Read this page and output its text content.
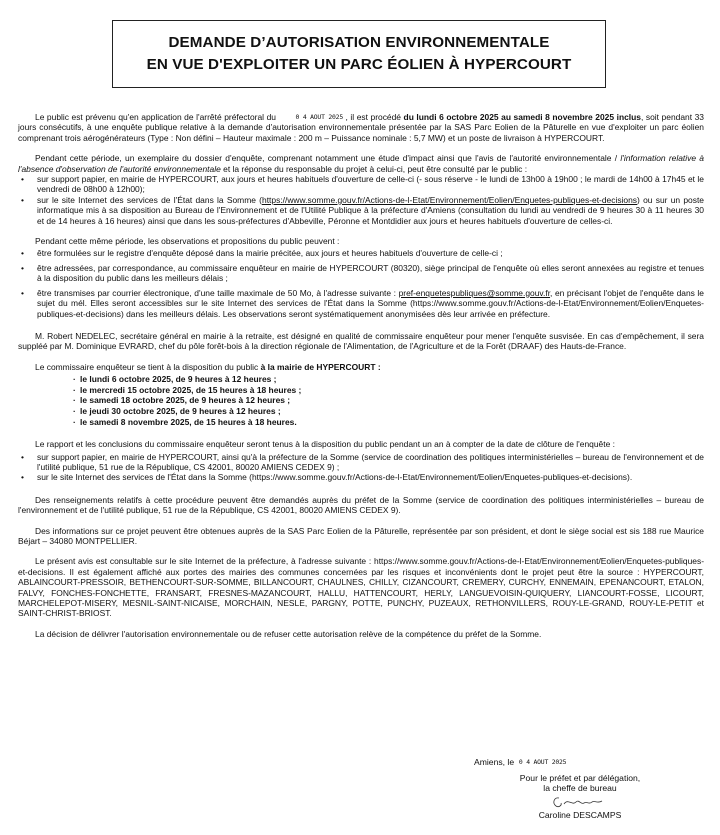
DEMANDE D’AUTORISATION ENVIRONNEMENTALE
EN VUE D'EXPLOITER UN PARC ÉOLIEN À HYPERCOURT

Le public est prévenu qu'en application de l'arrêté préfectoral du	0 4 AOUT 2025 , il est procédé du lundi 6 octobre 2025 au samedi 8 novembre 2025 inclus, soit pendant 33 jours consécutifs, à une enquête publique relative à la demande d'autorisation environnementale présentée par la SAS Parc Eolien de la Pâturelle en vue d'exploiter un parc éolien comprenant trois aérogénérateurs (Type : Non défini – Hauteur maximale : 200 m – Puissance nominale : 5,7 MW) et un poste de livraison à HYPERCOURT.

Pendant cette période, un exemplaire du dossier d'enquête, comprenant notamment une étude d'impact ainsi que l'avis de l'autorité environnementale / l'information relative à l'absence d'observation de l'autorité environnementale et la réponse du responsable du projet à celui-ci, peut être consulté par le public :

• sur support papier, en mairie de HYPERCOURT, aux jours et heures habituels d'ouverture de celle-ci (- sous réserve - le lundi de 13h00 à 19h00 ; le mardi de 14h00 à 17h45 et le vendredi de 08h00 à 12h00);
• sur le site Internet des services de l'État dans la Somme (https://www.somme.gouv.fr/Actions-de-l-Etat/Environnement/Eolien/Enquetes-publiques-et-decisions) ou sur un poste informatique mis à sa disposition au Bureau de l'Environnement et de l'Utilité Publique à la préfecture d'Amiens (consultation du lundi au vendredi de 9 heures 30 à 11 heures 30 et de 14 heures à 16 heures) ainsi que dans les sous-préfectures d'Abbeville, Péronne et Montdidier aux jours et heures habituels d'ouverture de celles-ci.

Pendant cette même période, les observations et propositions du public peuvent :

• être formulées sur le registre d'enquête déposé dans la mairie précitée, aux jours et heures habituels d'ouverture de celle-ci ;
• être adressées, par correspondance, au commissaire enquêteur en mairie de HYPERCOURT (80320), siège principal de l'enquête où elles seront annexées au registre et tenues à la disposition du public dans les meilleurs délais ;
• être transmises par courrier électronique, d'une taille maximale de 50 Mo, à l'adresse suivante : pref-enquetespubliques@somme.gouv.fr, en précisant l'objet de l'enquête dans le sujet du mél. Elles seront accessibles sur le site Internet des services de l'État dans la Somme (https://www.somme.gouv.fr/Actions-de-l-Etat/Environnement/Eolien/Enquetes-publiques-et-decisions) dans les meilleurs délais. Les observations seront systématiquement anonymisées dès leur arrivée en préfecture.

M. Robert NEDELEC, secrétaire général en mairie à la retraite, est désigné en qualité de commissaire enquêteur pour mener l'enquête susvisée. En cas d'empêchement, il sera suppléé par M. Dominique EVRARD, chef du pôle forêt-bois à la direction régionale de l'Alimentation, de l'Agriculture et de la Forêt (DRAAF) des Hauts-de-France.

Le commissaire enquêteur se tient à la disposition du public à la mairie de HYPERCOURT :

· le lundi 6 octobre 2025, de 9 heures à 12 heures ;
· le mercredi 15 octobre 2025, de 15 heures à 18 heures ;
· le samedi 18 octobre 2025, de 9 heures à 12 heures ;
· le jeudi 30 octobre 2025, de 9 heures à 12 heures ;
· le samedi 8 novembre 2025, de 15 heures à 18 heures.

Le rapport et les conclusions du commissaire enquêteur seront tenus à la disposition du public pendant un an à compter de la date de clôture de l'enquête :

• sur support papier, en mairie de HYPERCOURT, ainsi qu'à la préfecture de la Somme (service de coordination des politiques interministérielles – bureau de l'environnement et de l'utilité publique, 51 rue de la République, CS 42001, 80020 AMIENS CEDEX 9) ;
• sur le site Internet des services de l'État dans la Somme (https://www.somme.gouv.fr/Actions-de-l-Etat/Environnement/Eolien/Enquetes-publiques-et-decisions).

Des renseignements relatifs à cette procédure peuvent être demandés auprès du préfet de la Somme (service de coordination des politiques interministérielles – bureau de l'environnement et de l'utilité publique, 51 rue de la République, CS 42001, 80020 AMIENS CEDEX 9).

Des informations sur ce projet peuvent être obtenues auprès de la SAS Parc Eolien de la Pâturelle, représentée par son président, et dont le siège social est sis 188 rue Maurice Béjart – 34080 MONTPELLIER.

Le présent avis est consultable sur le site Internet de la préfecture, à l'adresse suivante : https://www.somme.gouv.fr/Actions-de-l-Etat/Environnement/Eolien/Enquetes-publiques-et-decisions. Il est également affiché aux portes des mairies des communes concernées par les risques et inconvénients dont le projet peut être la source : HYPERCOURT, ABLAINCOURT-PRESSOIR, BETHENCOURT-SUR-SOMME, BILLANCOURT, CHAULNES, CHILLY, CIZANCOURT, CREMERY, CURCHY, ENNEMAIN, EPENANCOURT, ETALON, FALVY, FONCHES-FONCHETTE, FRANSART, FRESNES-MAZANCOURT, HALLU, HATTENCOURT, HERLY, LANGUEVOISIN-QUIQUERY, LIANCOURT-FOSSE, LICOURT, MARCHELEPOT-MISERY, MESNIL-SAINT-NICAISE, MORCHAIN, NESLE, PARGNY, POTTE, PUNCHY, PUZEAUX, RETHONVILLERS, ROUY-LE-GRAND, ROUY-LE-PETIT et SAINT-CHRIST-BRIOST.

La décision de délivrer l'autorisation environnementale ou de refuser cette autorisation relève de la compétence du préfet de la Somme.

Amiens, le 0 4 AOUT 2025
Pour le préfet et par délégation,
la cheffe de bureau
Caroline DESCAMPS
